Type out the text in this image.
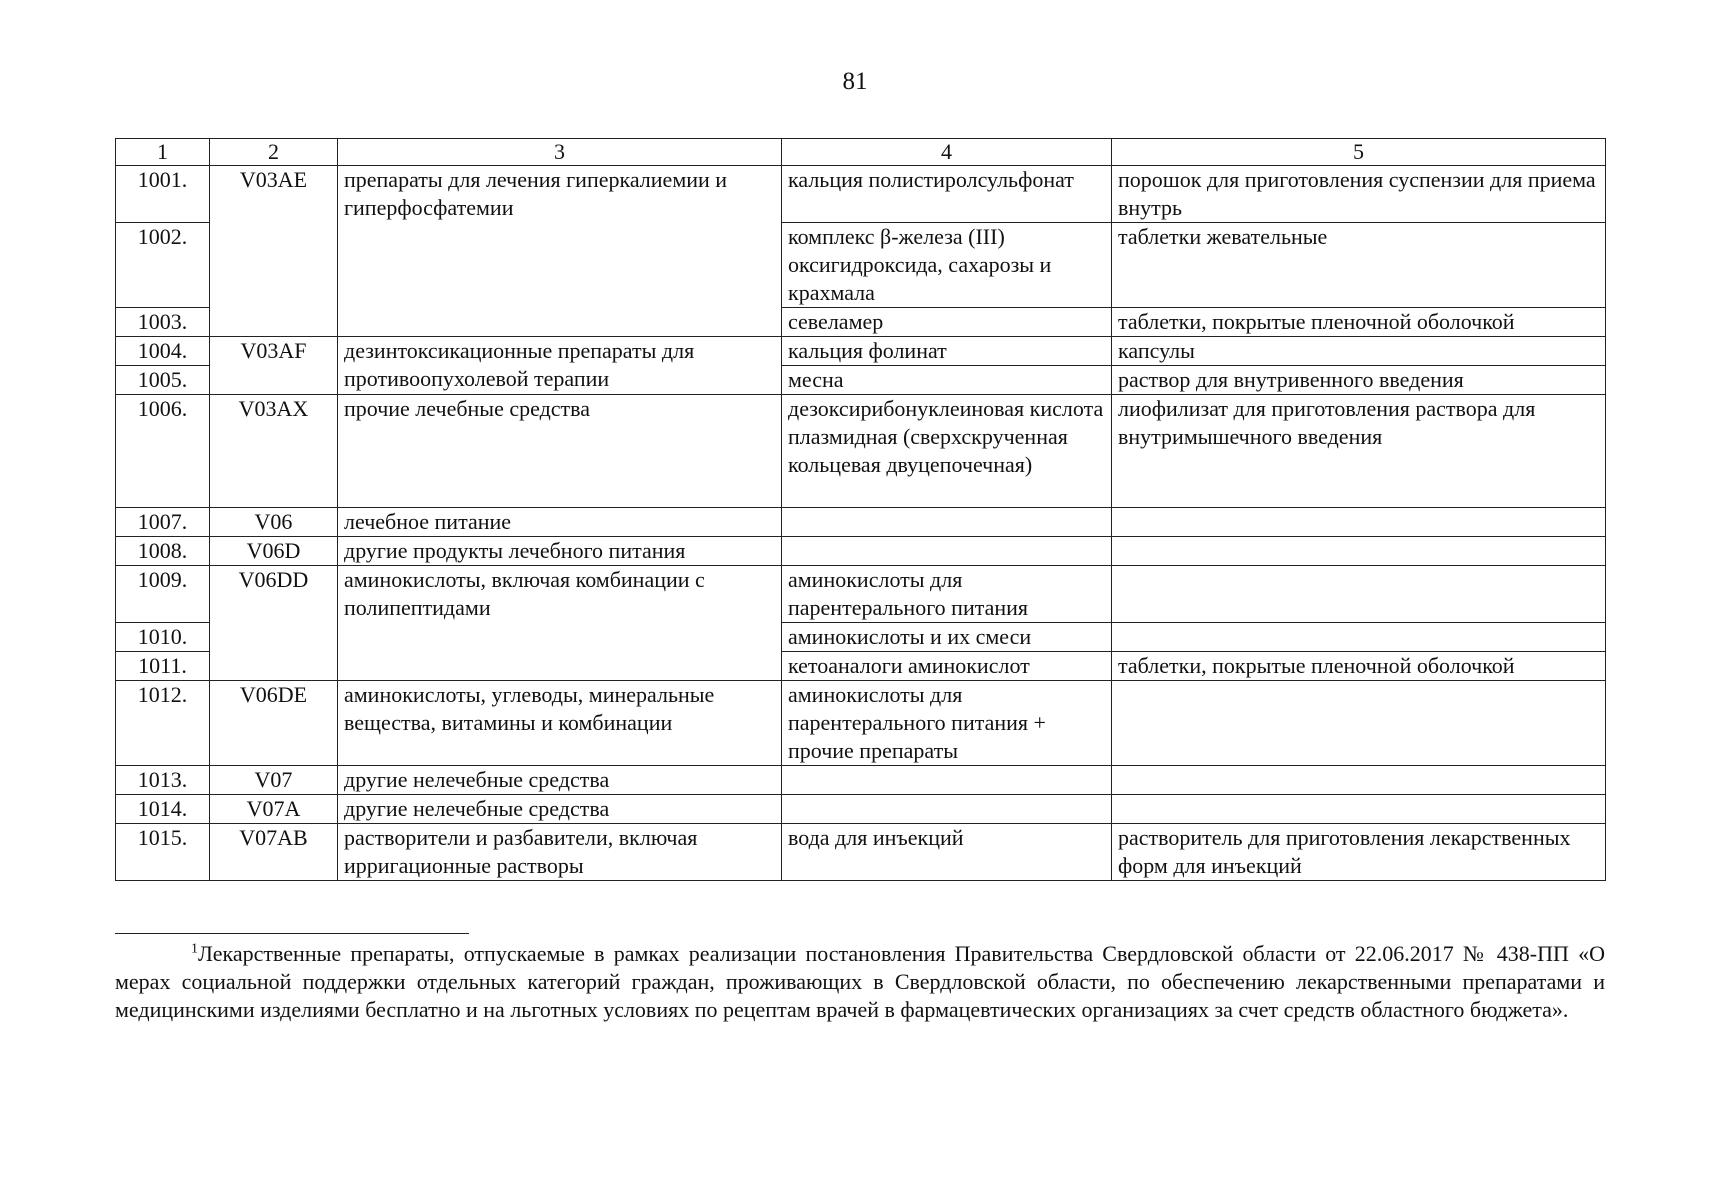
81
1	2	3	4	5
1001.	V03AE	препараты для лечения гиперкалиемии и гиперфосфатемии	кальция полистиролсульфонат	порошок для приготовления суспензии для приема внутрь
1002.			комплекс β-железа (III) оксигидроксида, сахарозы и крахмала	таблетки жевательные
1003.			севеламер	таблетки, покрытые пленочной оболочкой
1004.	V03AF	дезинтоксикационные препараты для противоопухолевой терапии	кальция фолинат	капсулы
1005.			месна	раствор для внутривенного введения
1006.	V03AX	прочие лечебные средства	дезоксирибонуклеиновая кислота плазмидная (сверхскрученная кольцевая двуцепочечная)	лиофилизат для приготовления раствора для внутримышечного введения
1007.	V06	лечебное питание		
1008.	V06D	другие продукты лечебного питания		
1009.	V06DD	аминокислоты, включая комбинации с полипептидами	аминокислоты для парентерального питания	
1010.			аминокислоты и их смеси	
1011.			кетоаналоги аминокислот	таблетки, покрытые пленочной оболочкой
1012.	V06DE	аминокислоты, углеводы, минеральные вещества, витамины и комбинации	аминокислоты для парентерального питания + прочие препараты	
1013.	V07	другие нелечебные средства		
1014.	V07A	другие нелечебные средства		
1015.	V07AB	растворители и разбавители, включая ирригационные растворы	вода для инъекций	растворитель для приготовления лекарственных форм для инъекций
$^1$Лекарственные препараты, отпускаемые в рамках реализации постановления Правительства Свердловской области от 22.06.2017 № 438-ПП «О мерах социальной поддержки отдельных категорий граждан, проживающих в Свердловской области, по обеспечению лекарственными препаратами и медицинскими изделиями бесплатно и на льготных условиях по рецептам врачей в фармацевтических организациях за счет средств областного бюджета».
